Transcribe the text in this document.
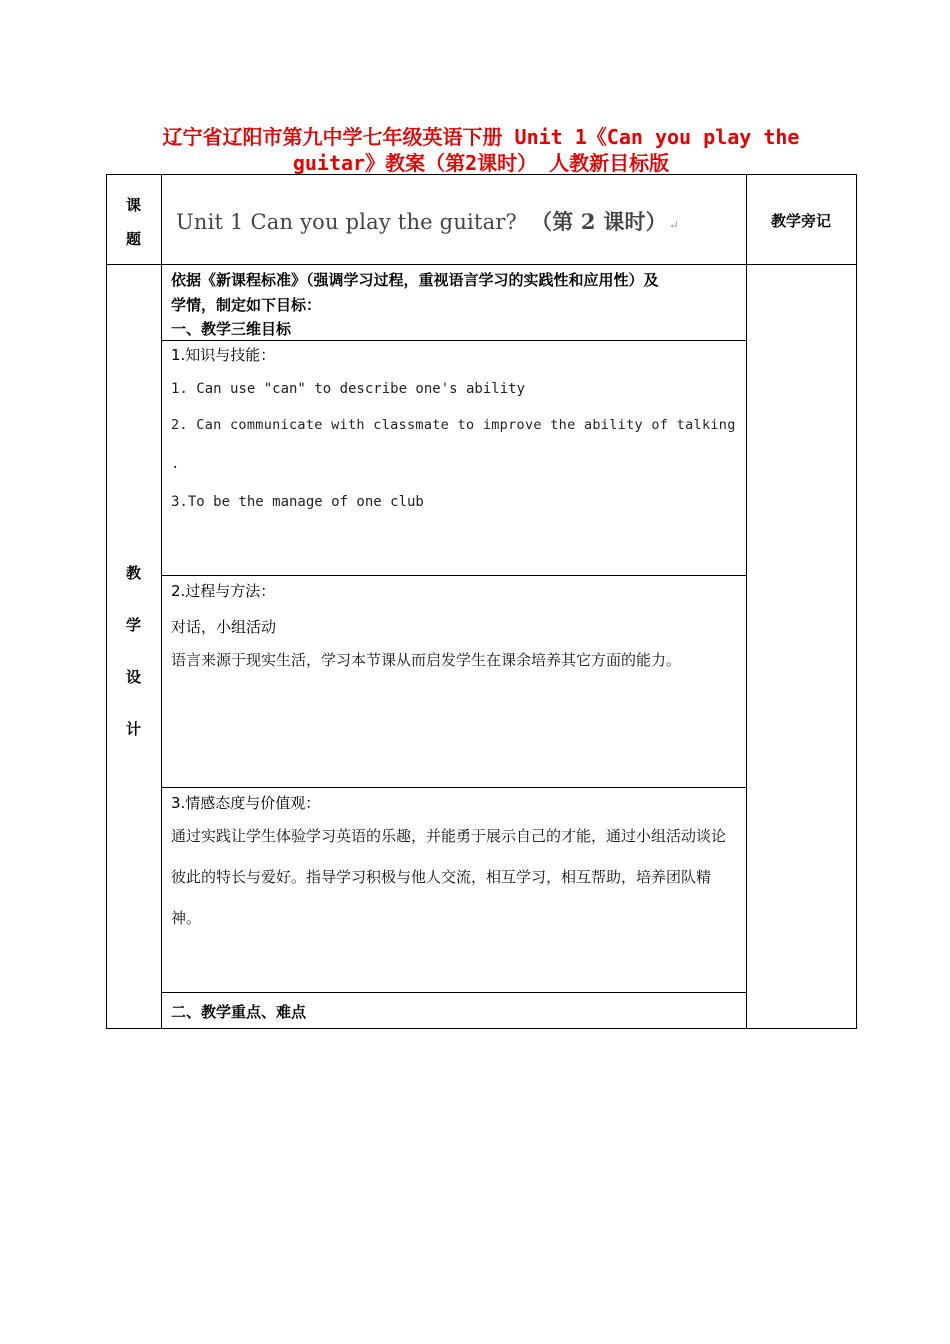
辽宁省辽阳市第九中学七年级英语下册 Unit 1《Can you play the
guitar》教案（第2课时） 人教新目标版
课
题
Unit 1 Can you play the guitar? （第 2 课时） ↵	教学旁记
教
学
设
计
依据《新课程标准》（强调学习过程，重视语言学习的实践性和应用性）及
学情，制定如下目标：
一、教学三维目标
1.知识与技能：
1. Can use "can" to describe one's ability
2. Can communicate with classmate to improve the ability of talking
.
3.To be the manage of one club
2.过程与方法：
对话，小组活动
语言来源于现实生活，学习本节课从而启发学生在课余培养其它方面的能力。
3.情感态度与价值观：
通过实践让学生体验学习英语的乐趣，并能勇于展示自己的才能，通过小组活动谈论彼此的特长与爱好。指导学习积极与他人交流，相互学习，相互帮助，培养团队精神。
二、教学重点、难点
